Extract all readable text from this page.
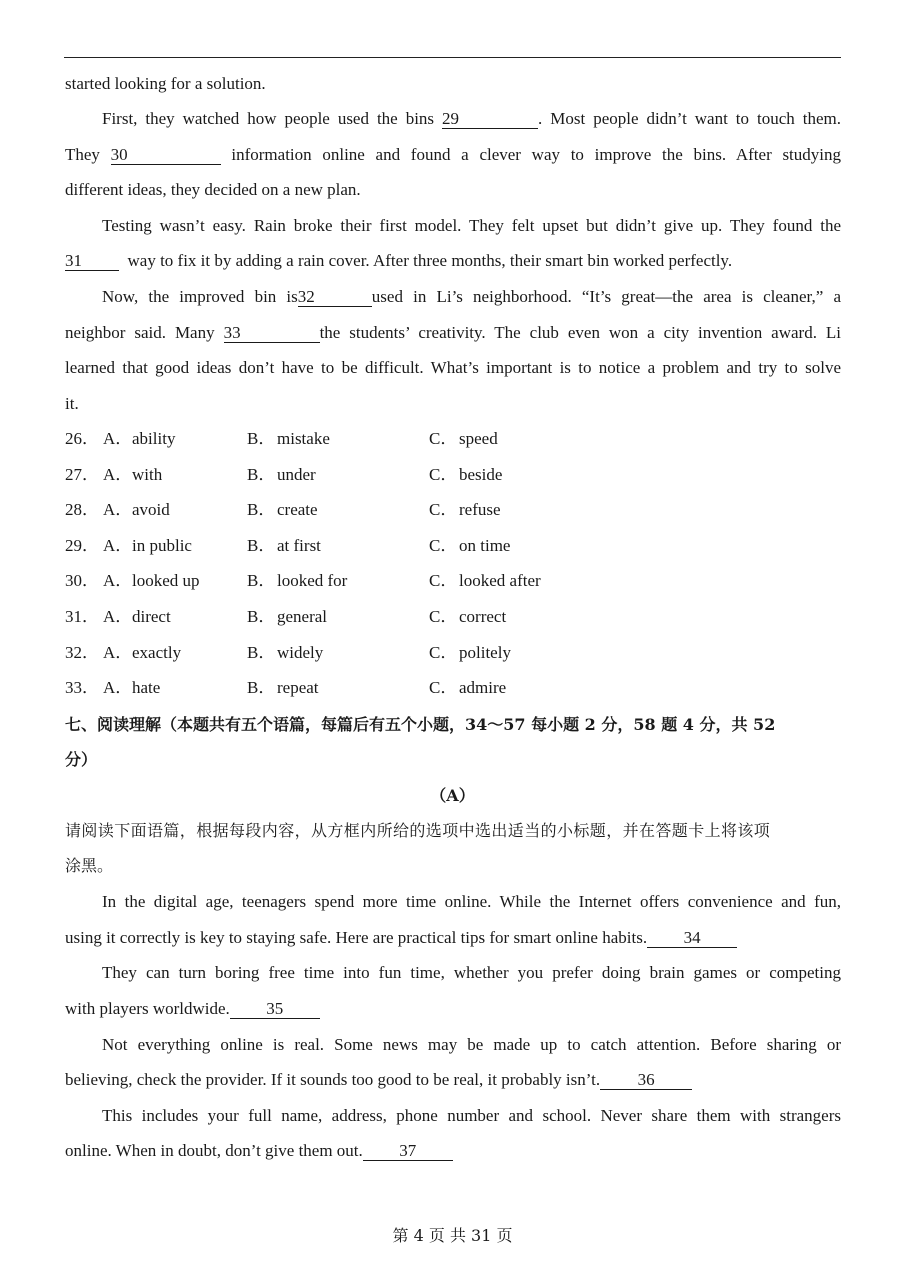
started looking for a solution.
First, they watched how people used the bins 29	. Most people didn’t want to touch them.
They 30	information online and found a clever way to improve the bins. After studying
different ideas, they decided on a new plan.
Testing wasn’t easy. Rain broke their first model. They felt upset but didn’t give up. They found the
31	way to fix it by adding a rain cover. After three months, their smart bin worked perfectly.
Now, the improved bin is32	used in Li’s neighborhood. “It’s great—the area is cleaner,” a
neighbor said. Many 33	the students’ creativity. The club even won a city invention award. Li
learned that good ideas don’t have to be difficult. What’s important is to notice a problem and try to solve
it.
26． A． ability	B． mistake	C． speed
27． A． with	B． under	C． beside
28． A． avoid	B． create	C． refuse
29． A． in public	B． at first	C． on time
30． A． looked up	B． looked for	C． looked after
31． A． direct	B． general	C． correct
32． A． exactly	B． widely	C． politely
33． A． hate	B． repeat	C． admire
七、阅读理解（本题共有五个语篇，每篇后有五个小题，34～57 每小题 2 分，58 题 4 分，共 52
分）
（A）
请阅读下面语篇，根据每段内容，从方框内所给的选项中选出适当的小标题，并在答题卡上将该项
涂黑。
In the digital age, teenagers spend more time online. While the Internet offers convenience and fun,
using it correctly is key to staying safe. Here are practical tips for smart online habits. 34
They can turn boring free time into fun time, whether you prefer doing brain games or competing
with players worldwide. 35
Not everything online is real. Some news may be made up to catch attention. Before sharing or
believing, check the provider. If it sounds too good to be real, it probably isn’t. 36
This includes your full name, address, phone number and school. Never share them with strangers
online. When in doubt, don’t give them out. 37
第 4 页 共 31 页
